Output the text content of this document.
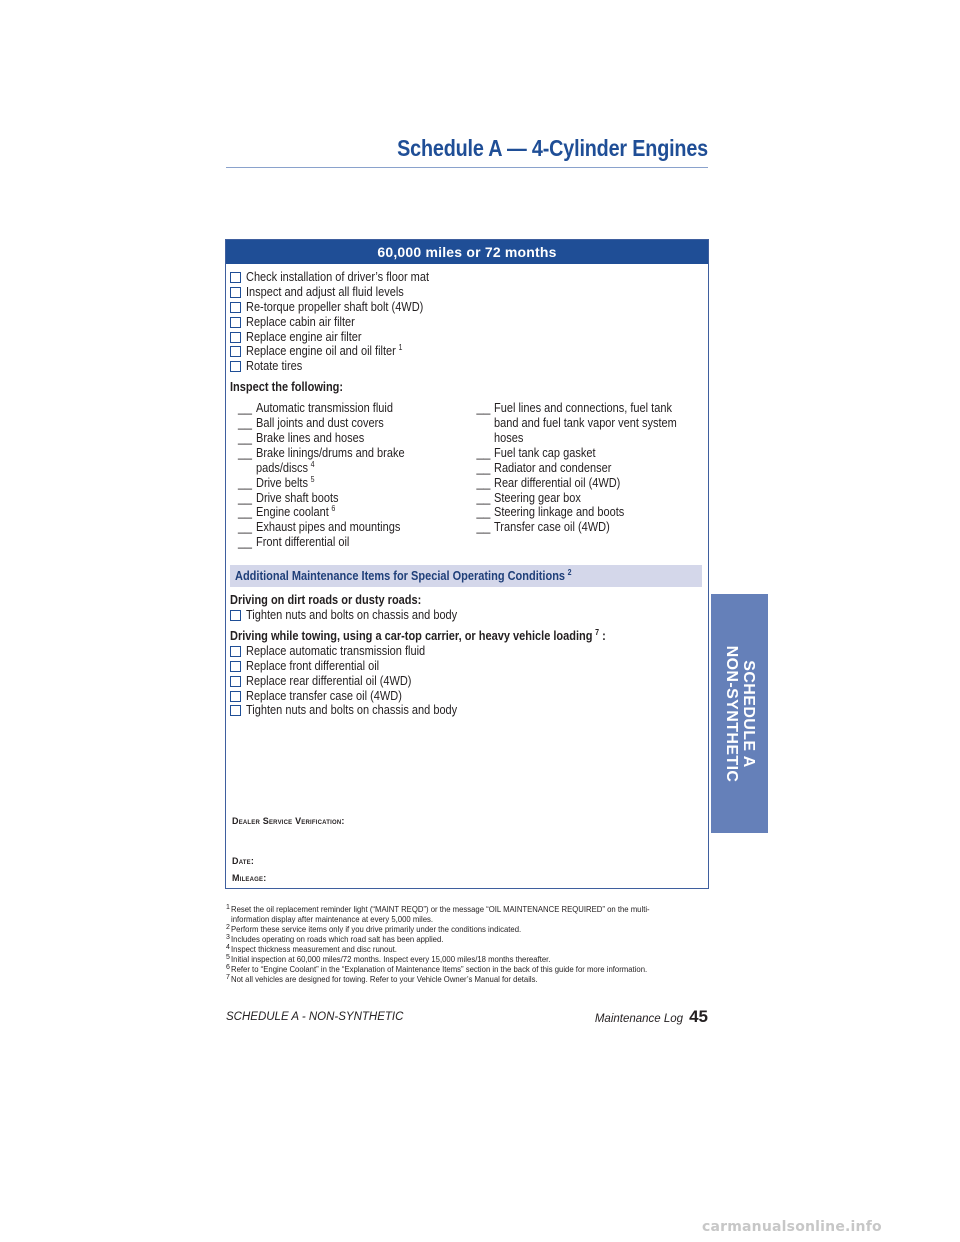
Schedule A — 4-Cylinder Engines
60,000 miles or 72 months
Check installation of driver’s floor mat
Inspect and adjust all fluid levels
Re-torque propeller shaft bolt (4WD)
Replace cabin air filter
Replace engine air filter
Replace engine oil and oil filter $^1$
Rotate tires
Inspect the following:
__ Automatic transmission fluid
__ Ball joints and dust covers
__ Brake lines and hoses
__ Brake linings/drums and brake
pads/discs $^4$
__ Drive belts $^5$
__ Drive shaft boots
__ Engine coolant $^6$
__ Exhaust pipes and mountings
__ Front differential oil
__ Fuel lines and connections, fuel tank
band and fuel tank vapor vent system
hoses
__ Fuel tank cap gasket
__ Radiator and condenser
__ Rear differential oil (4WD)
__ Steering gear box
__ Steering linkage and boots
__ Transfer case oil (4WD)
Additional Maintenance Items for Special Operating Conditions $^2$
Driving on dirt roads or dusty roads:
Tighten nuts and bolts on chassis and body
Driving while towing, using a car-top carrier, or heavy vehicle loading $^7$ :
Replace automatic transmission fluid
Replace front differential oil
Replace rear differential oil (4WD)
Replace transfer case oil (4WD)
Tighten nuts and bolts on chassis and body
Dealer Service Verification:
Date:
Mileage:
1 Reset the oil replacement reminder light (“MAINT REQD”) or the message “OIL MAINTENANCE REQUIRED” on the multi-information display after maintenance at every 5,000 miles.
2 Perform these service items only if you drive primarily under the conditions indicated.
3 Includes operating on roads which road salt has been applied.
4 Inspect thickness measurement and disc runout.
5 Initial inspection at 60,000 miles/72 months. Inspect every 15,000 miles/18 months thereafter.
6 Refer to “Engine Coolant” in the “Explanation of Maintenance Items” section in the back of this guide for more information.
7 Not all vehicles are designed for towing. Refer to your Vehicle Owner’s Manual for details.
SCHEDULE A - NON-SYNTHETIC	Maintenance Log 45
SCHEDULE A
NON-SYNTHETIC
carmanualsonline.info
